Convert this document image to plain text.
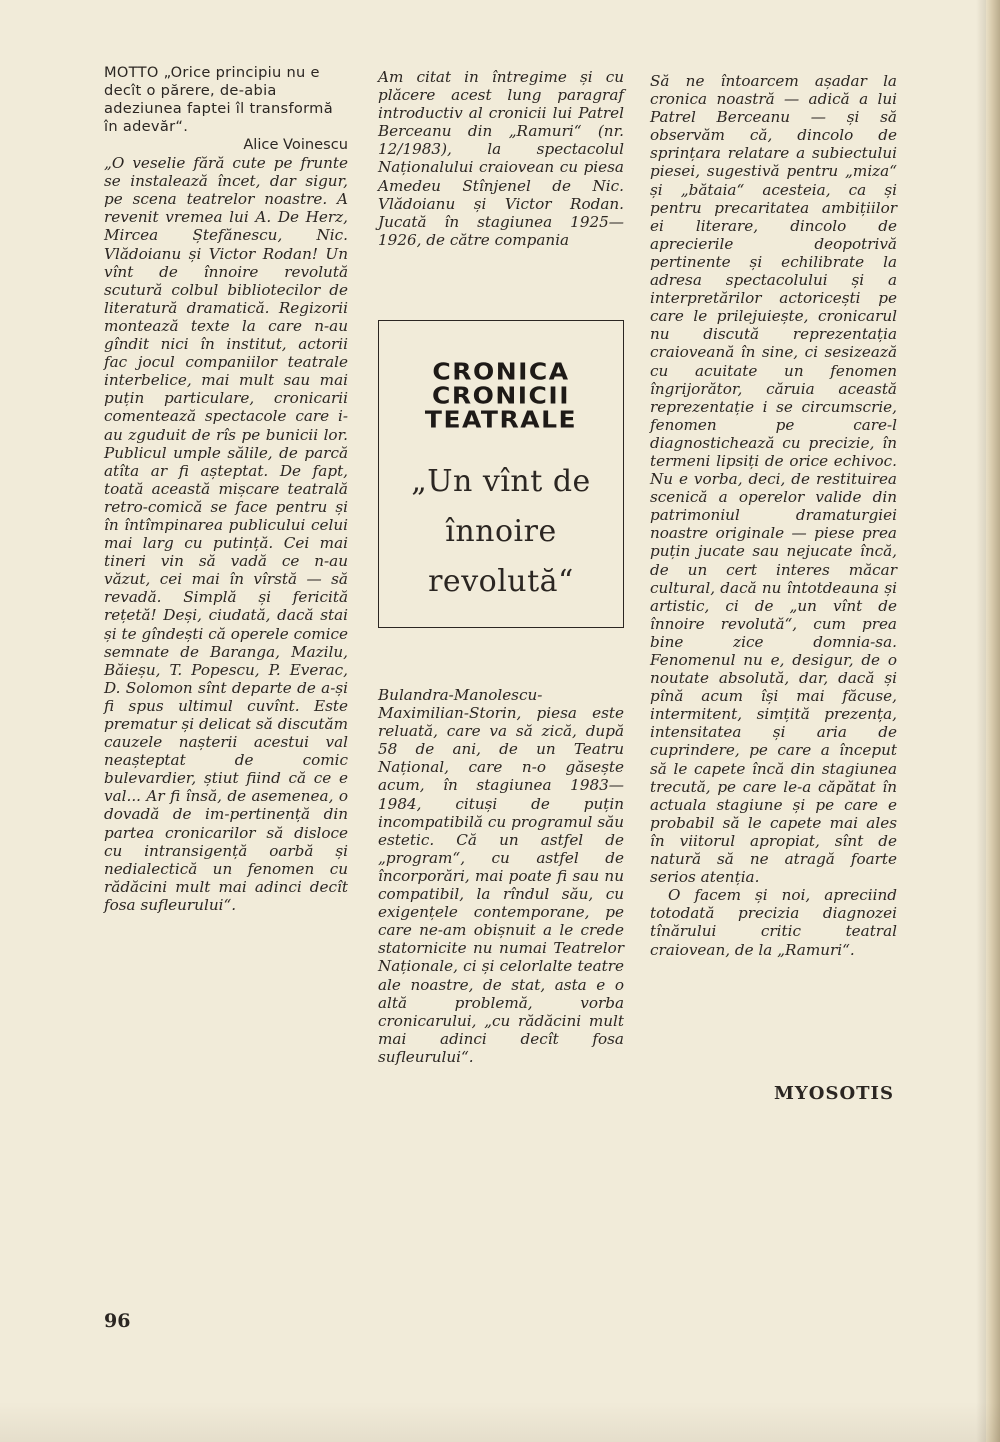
MOTTO „Orice principiu nu e decît o părere, de-abia adeziunea faptei îl transformă în adevăr“.

Alice Voinescu

„O veselie fără cute pe frunte se instalează încet, dar sigur, pe scena teatrelor noastre. A revenit vremea lui A. De Herz, Mircea Ștefănescu, Nic. Vlădoianu și Victor Rodan! Un vînt de înnoire revolută scutură colbul bibliotecilor de literatură dramatică. Regizorii montează texte la care n-au gîndit nici în institut, actorii fac jocul companiilor teatrale interbelice, mai mult sau mai puțin particulare, cronicarii comentează spectacole care i-au zguduit de rîs pe bunicii lor. Publicul umple sălile, de parcă atîta ar fi așteptat. De fapt, toată această mișcare teatrală retro-comică se face pentru și în întîmpinarea publicului celui mai larg cu putință. Cei mai tineri vin să vadă ce n-au văzut, cei mai în vîrstă — să revadă. Simplă și fericită rețetă! Deși, ciudată, dacă stai și te gîndești că operele comice semnate de Baranga, Mazilu, Băieșu, T. Popescu, P. Everac, D. Solomon sînt departe de a-și fi spus ultimul cuvînt. Este prematur și delicat să discutăm cauzele nașterii acestui val neașteptat de comic bulevardier, știut fiind că ce e val... Ar fi însă, de asemenea, o dovadă de im-pertinență din partea cronicarilor să disloce cu intransigență oarbă și nedialectică un fenomen cu rădăcini mult mai adinci decît fosa sufleurului“.

Am citat in întregime și cu plăcere acest lung paragraf introductiv al cronicii lui Patrel Berceanu din „Ramuri“ (nr. 12/1983), la spectacolul Naționalului craiovean cu piesa Amedeu Stînjenel de Nic. Vlădoianu și Victor Rodan. Jucată în stagiunea 1925—1926, de către compania

CRONICA
CRONICII
TEATRALE
„Un vînt de
înnoire
revolută“

Bulandra-Manolescu-Maximilian-Storin, piesa este reluată, care va să zică, după 58 de ani, de un Teatru Național, care n-o găsește acum, în stagiunea 1983—1984, cituși de puțin incompatibilă cu programul său estetic. Că un astfel de „program“, cu astfel de încorporări, mai poate fi sau nu compatibil, la rîndul său, cu exigențele contemporane, pe care ne-am obișnuit a le crede statornicite nu numai Teatrelor Naționale, ci și celorlalte teatre ale noastre, de stat, asta e o altă problemă, vorba cronicarului, „cu rădăcini mult mai adinci decît fosa sufleurului“.

Să ne întoarcem așadar la cronica noastră — adică a lui Patrel Berceanu — și să observăm că, dincolo de sprințara relatare a subiectului piesei, sugestivă pentru „miza“ și „bătaia“ acesteia, ca și pentru precaritatea ambițiilor ei literare, dincolo de aprecierile deopotrivă pertinente și echilibrate la adresa spectacolului și a interpretărilor actoricești pe care le prilejuiește, cronicarul nu discută reprezentația craioveană în sine, ci sesizează cu acuitate un fenomen îngrijorător, căruia această reprezentație i se circumscrie, fenomen pe care-l diagnostichează cu precizie, în termeni lipsiți de orice echivoc. Nu e vorba, deci, de restituirea scenică a operelor valide din patrimoniul dramaturgiei noastre originale — piese prea puțin jucate sau nejucate încă, de un cert interes măcar cultural, dacă nu întotdeauna și artistic, ci de „un vînt de înnoire revolută“, cum prea bine zice domnia-sa. Fenomenul nu e, desigur, de o noutate absolută, dar, dacă și pînă acum își mai făcuse, intermitent, simțită prezența, intensitatea și aria de cuprindere, pe care a început să le capete încă din stagiunea trecută, pe care le-a căpătat în actuala stagiune și pe care e probabil să le capete mai ales în viitorul apropiat, sînt de natură să ne atragă foarte serios atenția.

O facem și noi, apreciind totodată precizia diagnozei tînărului critic teatral craiovean, de la „Ramuri“.

MYOSOTIS
96
